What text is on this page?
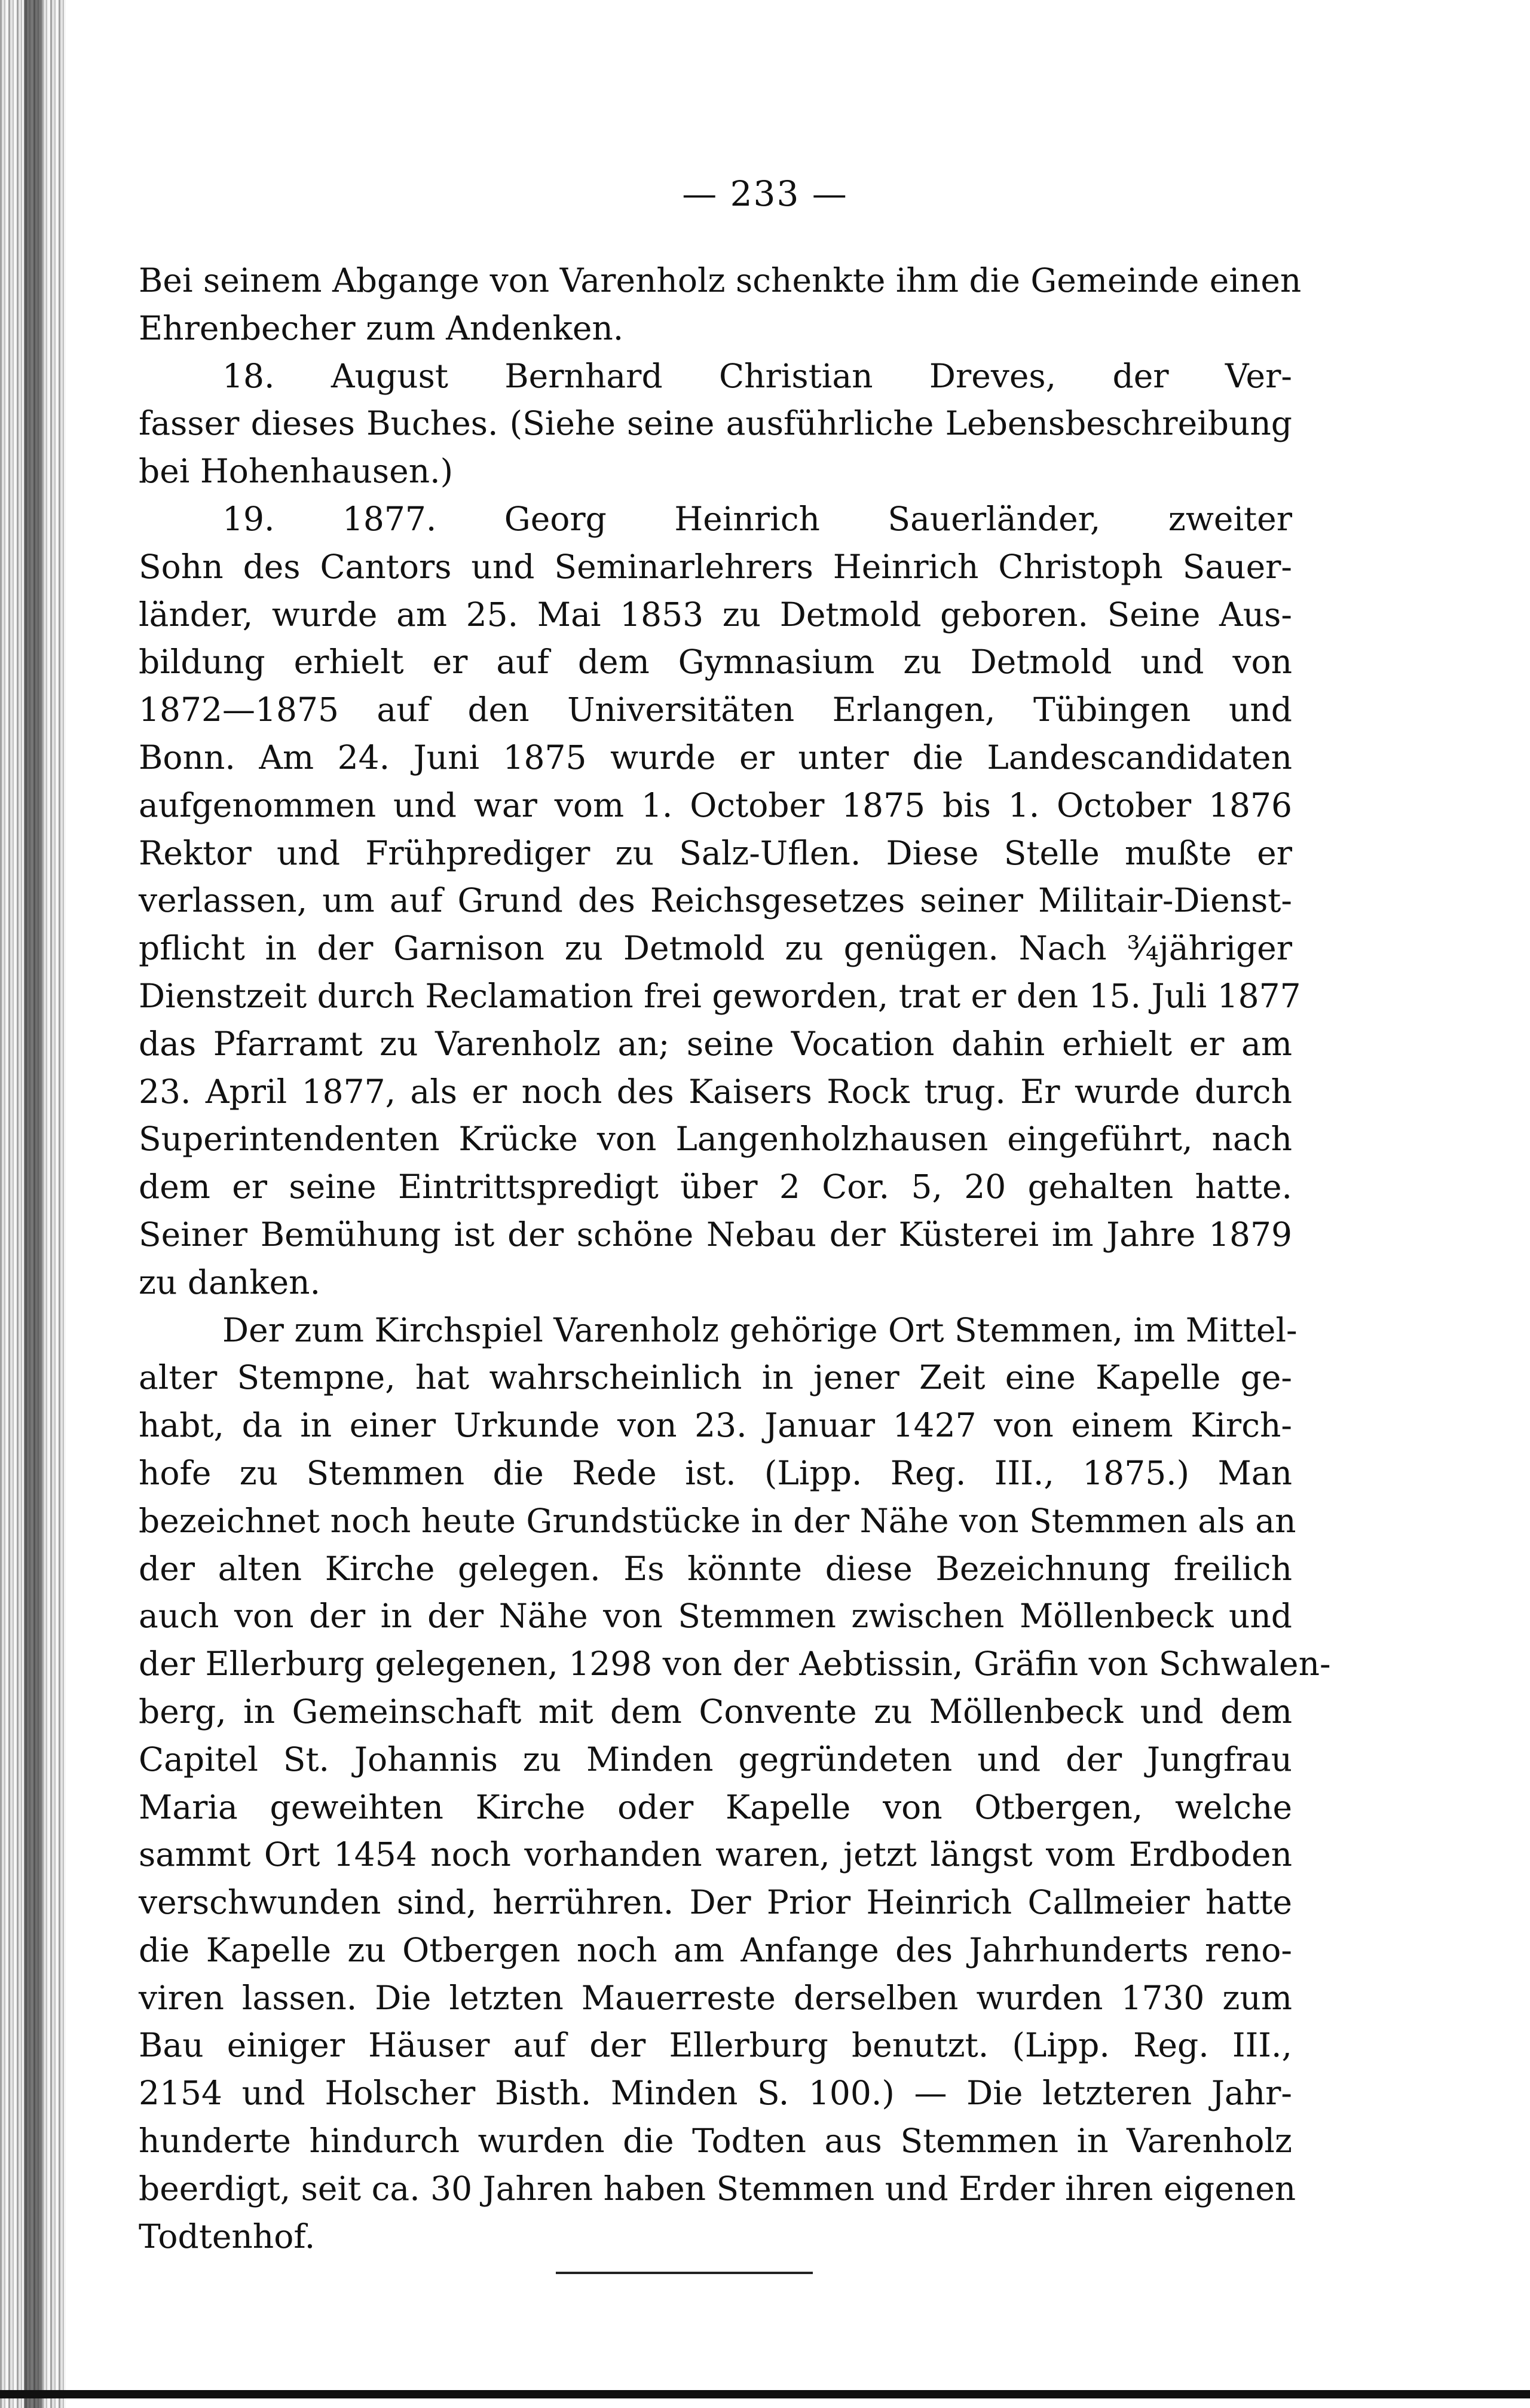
— 233 —
Bei seinem Abgange von Varenholz schenkte ihm die Gemeinde einen
Ehrenbecher zum Andenken.
18. August Bernhard Christian Dreves, der Ver-
fasser dieses Buches. (Siehe seine ausführliche Lebensbeschreibung
bei Hohenhausen.)
19. 1877. Georg Heinrich Sauerländer, zweiter
Sohn des Cantors und Seminarlehrers Heinrich Christoph Sauer-
länder, wurde am 25. Mai 1853 zu Detmold geboren. Seine Aus-
bildung erhielt er auf dem Gymnasium zu Detmold und von
1872—1875 auf den Universitäten Erlangen, Tübingen und
Bonn. Am 24. Juni 1875 wurde er unter die Landescandidaten
aufgenommen und war vom 1. October 1875 bis 1. October 1876
Rektor und Frühprediger zu Salz-Uflen. Diese Stelle mußte er
verlassen, um auf Grund des Reichsgesetzes seiner Militair-Dienst-
pflicht in der Garnison zu Detmold zu genügen. Nach ¾jähriger
Dienstzeit durch Reclamation frei geworden, trat er den 15. Juli 1877
das Pfarramt zu Varenholz an; seine Vocation dahin erhielt er am
23. April 1877, als er noch des Kaisers Rock trug. Er wurde durch
Superintendenten Krücke von Langenholzhausen eingeführt, nach
dem er seine Eintrittspredigt über 2 Cor. 5, 20 gehalten hatte.
Seiner Bemühung ist der schöne Nebau der Küsterei im Jahre 1879
zu danken.
Der zum Kirchspiel Varenholz gehörige Ort Stemmen, im Mittel-
alter Stempne, hat wahrscheinlich in jener Zeit eine Kapelle ge-
habt, da in einer Urkunde von 23. Januar 1427 von einem Kirch-
hofe zu Stemmen die Rede ist. (Lipp. Reg. III., 1875.) Man
bezeichnet noch heute Grundstücke in der Nähe von Stemmen als an
der alten Kirche gelegen. Es könnte diese Bezeichnung freilich
auch von der in der Nähe von Stemmen zwischen Möllenbeck und
der Ellerburg gelegenen, 1298 von der Aebtissin, Gräfin von Schwalen-
berg, in Gemeinschaft mit dem Convente zu Möllenbeck und dem
Capitel St. Johannis zu Minden gegründeten und der Jungfrau
Maria geweihten Kirche oder Kapelle von Otbergen, welche
sammt Ort 1454 noch vorhanden waren, jetzt längst vom Erdboden
verschwunden sind, herrühren. Der Prior Heinrich Callmeier hatte
die Kapelle zu Otbergen noch am Anfange des Jahrhunderts reno-
viren lassen. Die letzten Mauerreste derselben wurden 1730 zum
Bau einiger Häuser auf der Ellerburg benutzt. (Lipp. Reg. III.,
2154 und Holscher Bisth. Minden S. 100.) — Die letzteren Jahr-
hunderte hindurch wurden die Todten aus Stemmen in Varenholz
beerdigt, seit ca. 30 Jahren haben Stemmen und Erder ihren eigenen
Todtenhof.
